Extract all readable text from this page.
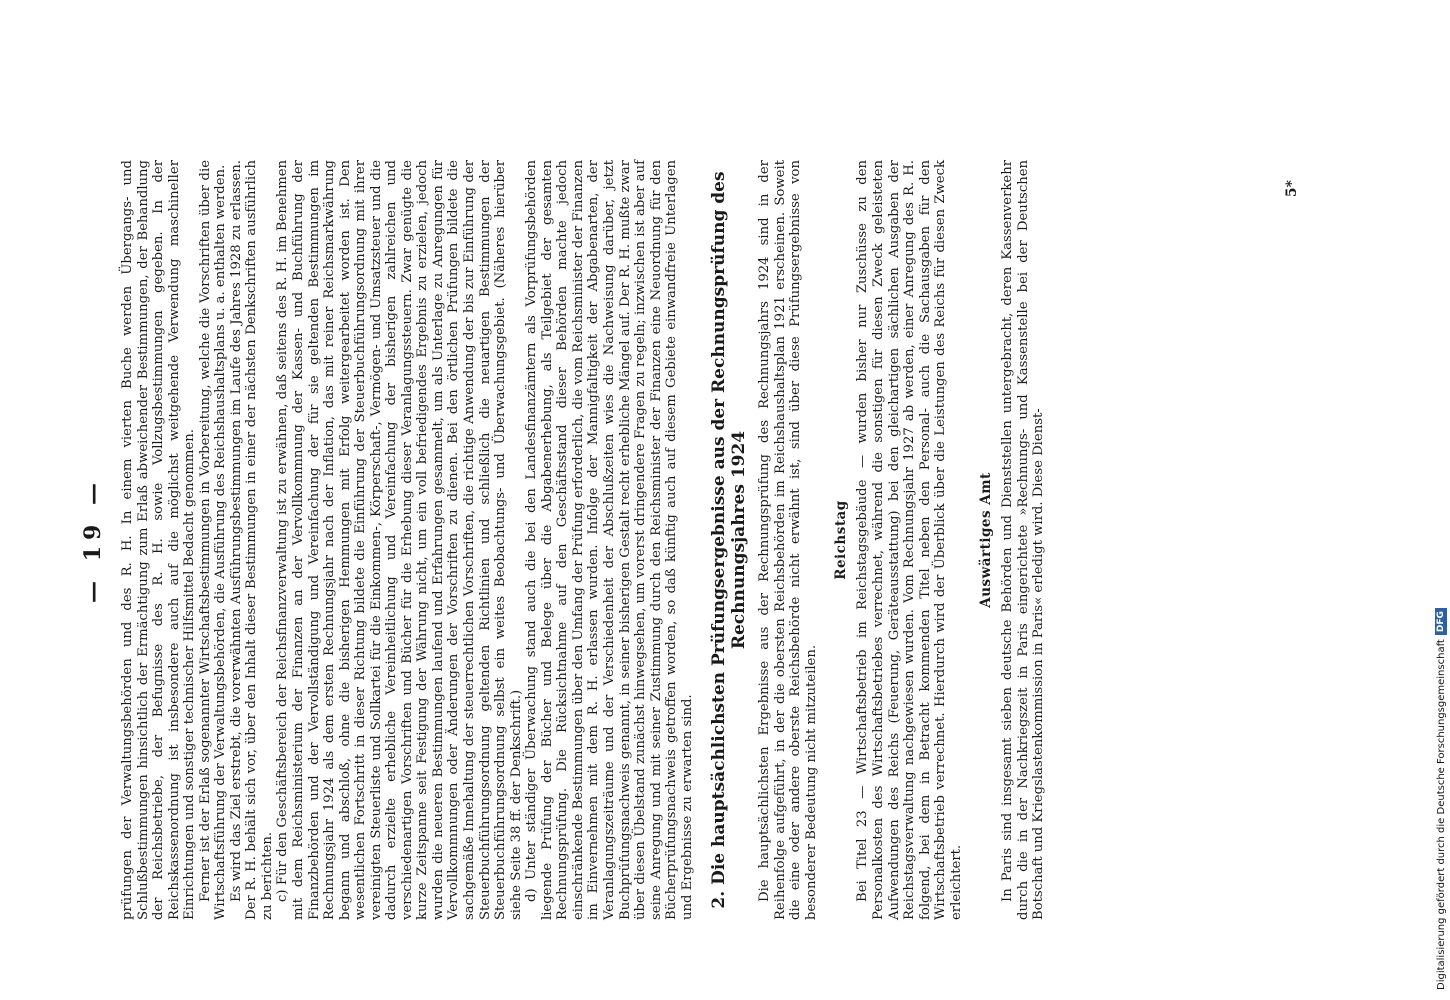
— 19 — prüfungen der Verwaltungsbehörden und des R. H. In einem vierten Buche werden Übergangs- und Schlußbestimmungen hinsichtlich der Ermächtigung zum Erlaß abweichender Bestimmungen, der Behandlung der Reichsbetriebe, der Befugnisse des R. H. sowie Vollzugsbestimmungen gegeben. In der Reichskassenordnung ist insbesondere auch auf die möglichst weitgehende Verwendung maschineller Einrichtungen und sonstiger technischer Hilfsmittel Bedacht genommen. Ferner ist der Erlaß sogenannter Wirtschaftsbestimmungen in Vorbereitung, welche die Vorschriften über die Wirtschaftsführung der Verwaltungsbehörden, die Ausführung des Reichshaushaltsplans u. a. enthalten werden. Es wird das Ziel erstrebt, die vorerwähnten Ausführungsbestimmungen im Laufe des Jahres 1928 zu erlassen. Der R. H. behält sich vor, über den Inhalt dieser Bestimmungen in einer der nächsten Denkschriften ausführlich zu berichten. c) Für den Geschäftsbereich der Reichsfinanzverwaltung ist zu erwähnen, daß seitens des R. H. im Benehmen mit dem Reichsministerium der Finanzen an der Vervollkommnung der Kassen- und Buchführung der Finanzbehörden und der Vervollständigung und Vereinfachung der für sie geltenden Bestimmungen im Rechnungsjahr 1924 als dem ersten Rechnungsjahr nach der Inflation, das mit reiner Reichsmarkwährung begann und abschloß, ohne die bisherigen Hemmungen mit Erfolg weitergearbeitet worden ist. Den wesentlichen Fortschritt in dieser Richtung bildete die Einführung der Steuerbuchführungsordnung mit ihrer vereinigten Steuerliste und Sollkartei für die Einkommen-, Körperschaft-, Vermögen- und Umsatzsteuer und die dadurch erzielte erhebliche Vereinheitlichung und Vereinfachung der bisherigen zahlreichen und verschiedenartigen Vorschriften und Bücher für die Erhebung dieser Veranlagungssteuern. Zwar genügte die kurze Zeitspanne seit Festigung der Währung nicht, um ein voll befriedigendes Ergebnis zu erzielen, jedoch wurden die neueren Bestimmungen laufend und Erfahrungen gesammelt, um als Unterlage zu Anregungen für Vervollkommnungen oder Änderungen der Vorschriften zu dienen. Bei den örtlichen Prüfungen bildete die sachgemäße Innehaltung der steuerrechtlichen Vorschriften, die richtige Anwendung der bis zur Einführung der Steuerbuchführungsordnung geltenden Richtlinien und schließlich die neuartigen Bestimmungen der Steuerbuchführungsordnung selbst ein weites Beobachtungs- und Überwachungsgebiet. (Näheres hierüber siehe Seite 38 ff. der Denkschrift.) d) Unter ständiger Überwachung stand auch die bei den Landesfinanzämtern als Vorprüfungsbehörden liegende Prüfung der Bücher und Belege über die Abgabenerhebung, als Teilgebiet der gesamten Rechnungsprüfung. Die Rücksichtnahme auf den Geschäftsstand dieser Behörden machte jedoch einschränkende Bestimmungen über den Umfang der Prüfung erforderlich, die vom Reichsminister der Finanzen im Einvernehmen mit dem R. H. erlassen wurden. Infolge der Mannigfaltigkeit der Abgabenarten, der Veranlagungszeiträume und der Verschiedenheit der Abschlußzeiten wies die Nachweisung darüber, jetzt Buchprüfungsnachweis genannt, in seiner bisherigen Gestalt recht erhebliche Mängel auf. Der R. H. mußte zwar über diesen Übelstand zunächst hinwegsehen, um vorerst dringendere Fragen zu regeln; inzwischen ist aber auf seine Anregung und mit seiner Zustimmung durch den Reichsminister der Finanzen eine Neuordnung für den Bücherprüfungsnachweis getroffen worden, so daß künftig auch auf diesem Gebiete einwandfreie Unterlagen und Ergebnisse zu erwarten sind. 2. Die hauptsächlichsten Prüfungsergebnisse aus der Rechnungsprüfung des Rechnungsjahres 1924 Die hauptsächlichsten Ergebnisse aus der Rechnungsprüfung des Rechnungsjahrs 1924 sind in der Reihenfolge aufgeführt, in der die obersten Reichsbehörden im Reichshaushaltsplan 1921 erscheinen. Soweit die eine oder andere oberste Reichsbehörde nicht erwähnt ist, sind über diese Prüfungsergebnisse von besonderer Bedeutung nicht mitzuteilen.

Reichstag Bei Titel 23 — Wirtschaftsbetrieb im Reichstagsgebäude — wurden bisher nur Zuschüsse zu den Personalkosten des Wirtschaftsbetriebes verrechnet, während die sonstigen für diesen Zweck geleisteten Aufwendungen des Reichs (Feuerung, Geräteausstattung) bei den gleichartigen sächlichen Ausgaben der Reichstagsverwaltung nachgewiesen wurden. Vom Rechnungsjahr 1927 ab werden, einer Anregung des R. H. folgend, bei dem in Betracht kommenden Titel neben den Personal- auch die Sachausgaben für den Wirtschaftsbetrieb verrechnet. Hierdurch wird der Überblick über die Leistungen des Reichs für diesen Zweck erleichtert.

Auswärtiges Amt In Paris sind insgesamt sieben deutsche Behörden und Dienststellen untergebracht, deren Kassenverkehr durch die in der Nachkriegszeit in Paris eingerichtete »Rechnungs- und Kassenstelle bei der Deutschen Botschaft und Kriegslastenkommission in Paris« erledigt wird. Diese Dienst-

5*
Digitalisierung gefördert durch die Deutsche Forschungsgemeinschaft
DFG
